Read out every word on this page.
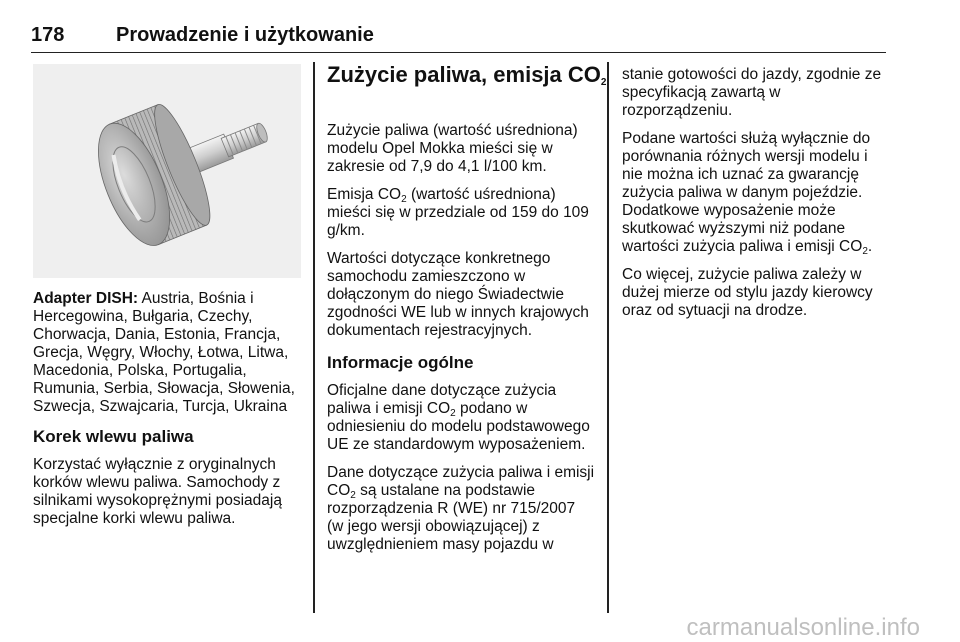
178	Prowadzenie i użytkowanie

Adapter DISH: Austria, Bośnia i Hercegowina, Bułgaria, Czechy, Chorwacja, Dania, Estonia, Francja, Grecja, Węgry, Włochy, Łotwa, Litwa, Macedonia, Polska, Portugalia, Rumunia, Serbia, Słowacja, Słowenia, Szwecja, Szwajcaria, Turcja, Ukraina

Korek wlewu paliwa

Korzystać wyłącznie z oryginalnych korków wlewu paliwa. Samochody z silnikami wysokoprężnymi posiadają specjalne korki wlewu paliwa.

Zużycie paliwa, emisja $CO_2$

Zużycie paliwa (wartość uśredniona) modelu Opel Mokka mieści się w zakresie od 7,9 do 4,1 l/100 km.

Emisja $CO_2$ (wartość uśredniona) mieści się w przedziale od 159 do 109 g/km.

Wartości dotyczące konkretnego samochodu zamieszczono w dołączonym do niego Świadectwie zgodności WE lub w innych krajowych dokumentach rejestracyjnych.

Informacje ogólne

Oficjalne dane dotyczące zużycia paliwa i emisji $CO_2$ podano w odniesieniu do modelu podstawowego UE ze standardowym wyposażeniem.

Dane dotyczące zużycia paliwa i emisji $CO_2$ są ustalane na podstawie rozporządzenia R (WE) nr 715/2007 (w jego wersji obowiązującej) z uwzględnieniem masy pojazdu w

stanie gotowości do jazdy, zgodnie ze specyfikacją zawartą w rozporządzeniu.

Podane wartości służą wyłącznie do porównania różnych wersji modelu i nie można ich uznać za gwarancję zużycia paliwa w danym pojeździe. Dodatkowe wyposażenie może skutkować wyższymi niż podane wartości zużycia paliwa i emisji $CO_2$.

Co więcej, zużycie paliwa zależy w dużej mierze od stylu jazdy kierowcy oraz od sytuacji na drodze.

carmanualsonline.info
